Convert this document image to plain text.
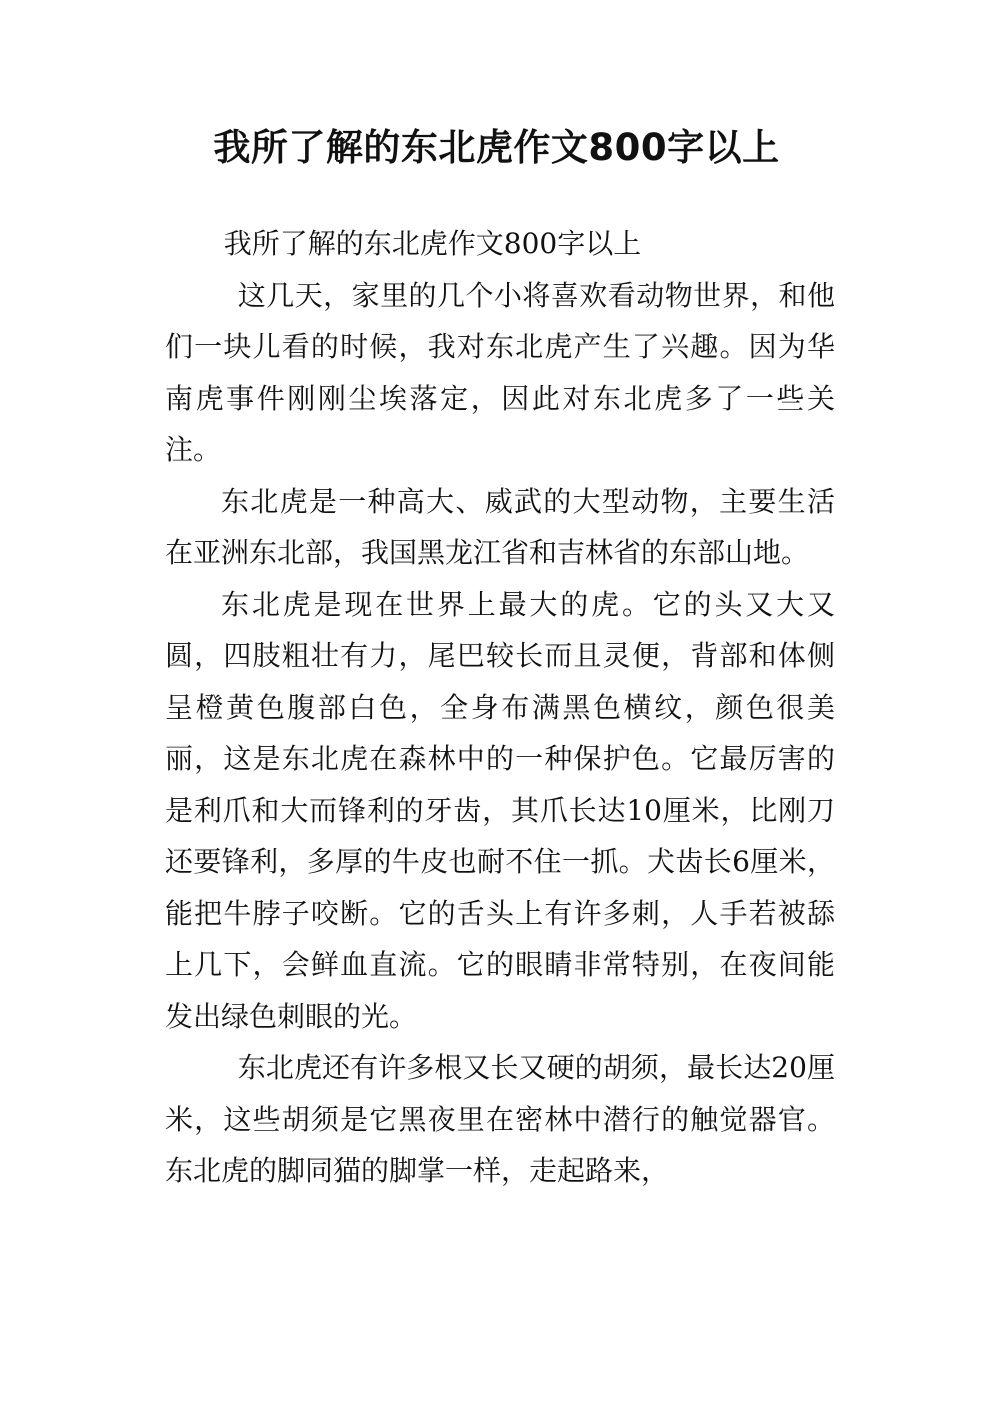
我所了解的东北虎作文800字以上

我所了解的东北虎作文800字以上

这几天，家里的几个小将喜欢看动物世界，和他们一块儿看的时候，我对东北虎产生了兴趣。因为华南虎事件刚刚尘埃落定，因此对东北虎多了一些关注。

东北虎是一种高大、威武的大型动物，主要生活在亚洲东北部，我国黑龙江省和吉林省的东部山地。

东北虎是现在世界上最大的虎。它的头又大又圆，四肢粗壮有力，尾巴较长而且灵便，背部和体侧呈橙黄色腹部白色，全身布满黑色横纹，颜色很美丽，这是东北虎在森林中的一种保护色。它最厉害的是利爪和大而锋利的牙齿，其爪长达10厘米，比刚刀还要锋利，多厚的牛皮也耐不住一抓。犬齿长6厘米，能把牛脖子咬断。它的舌头上有许多刺，人手若被舔上几下，会鲜血直流。它的眼睛非常特别，在夜间能发出绿色刺眼的光。

东北虎还有许多根又长又硬的胡须，最长达20厘米，这些胡须是它黑夜里在密林中潜行的触觉器官。东北虎的脚同猫的脚掌一样，走起路来，
